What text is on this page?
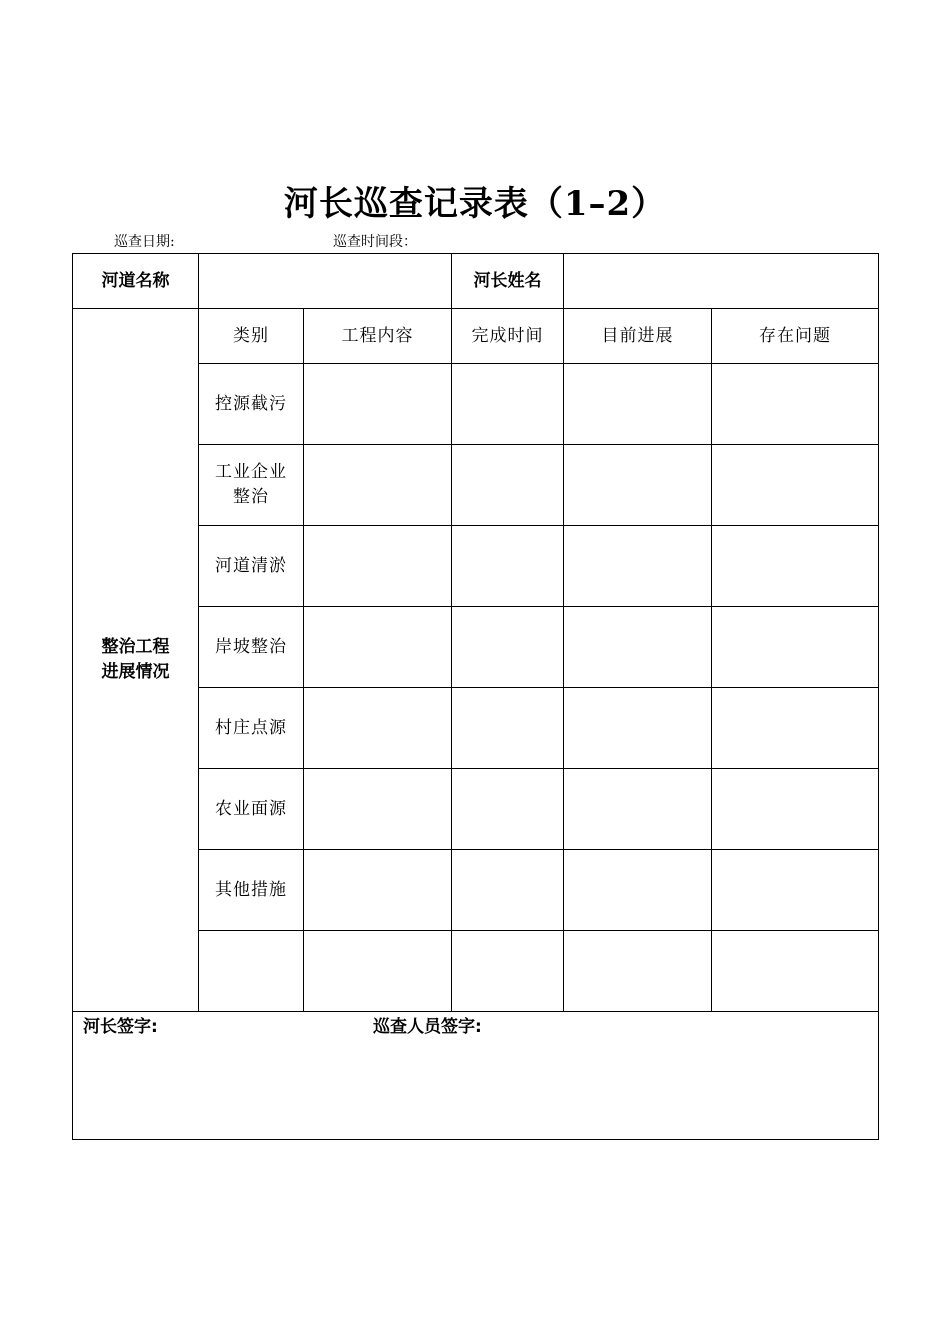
河长巡查记录表（1–2）
巡查日期:	巡查时间段：
河道名称			河长姓名		

整治工程
进展情况	类别	工程内容	完成时间	目前进展	存在问题

	控源截污				

	工业企业
整治				

	河道清淤				

	岸坡整治				

	村庄点源				

	农业面源				

	其他措施				

河长签字: 巡查人员签字:					
